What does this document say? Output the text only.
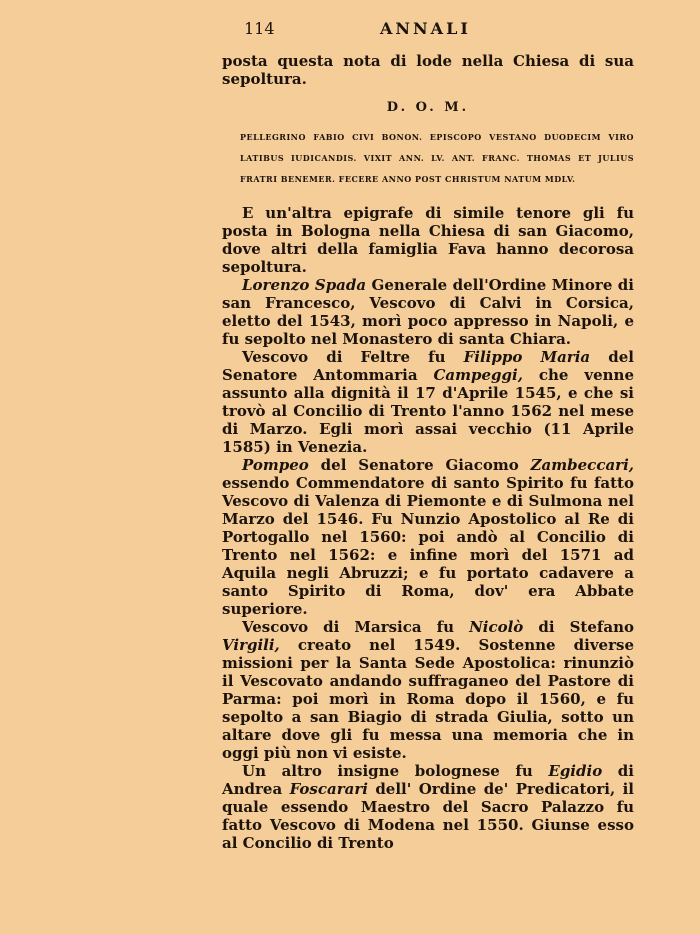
114	ANNALI

posta questa nota di lode nella Chiesa di sua sepoltura.

D. O. M.

PELLEGRINO FABIO CIVI BONON. EPISCOPO VESTANO DUODECIM VIRO LATIBUS IUDICANDIS. VIXIT ANN. LV. ANT. FRANC. THOMAS ET JULIUS FRATRI BENEMER. FECERE ANNO POST CHRISTUM NATUM MDLV.

E un'altra epigrafe di simile tenore gli fu posta in Bologna nella Chiesa di san Giacomo, dove altri della famiglia Fava hanno decorosa sepoltura.

Lorenzo Spada Generale dell'Ordine Minore di san Francesco, Vescovo di Calvi in Corsica, eletto del 1543, morì poco appresso in Napoli, e fu sepolto nel Monastero di santa Chiara.

Vescovo di Feltre fu Filippo Maria del Senatore Antommaria Campeggi, che venne assunto alla dignità il 17 d'Aprile 1545, e che si trovò al Concilio di Trento l'anno 1562 nel mese di Marzo. Egli morì assai vecchio (11 Aprile 1585) in Venezia.

Pompeo del Senatore Giacomo Zambeccari, essendo Commendatore di santo Spirito fu fatto Vescovo di Valenza di Piemonte e di Sulmona nel Marzo del 1546. Fu Nunzio Apostolico al Re di Portogallo nel 1560: poi andò al Concilio di Trento nel 1562: e infine morì del 1571 ad Aquila negli Abruzzi; e fu portato cadavere a santo Spirito di Roma, dov' era Abbate superiore.

Vescovo di Marsica fu Nicolò di Stefano Virgili, creato nel 1549. Sostenne diverse missioni per la Santa Sede Apostolica: rinunziò il Vescovato andando suffraganeo del Pastore di Parma: poi morì in Roma dopo il 1560, e fu sepolto a san Biagio di strada Giulia, sotto un altare dove gli fu messa una memoria che in oggi più non vi esiste.

Un altro insigne bolognese fu Egidio di Andrea Foscarari dell' Ordine de' Predicatori, il quale essendo Maestro del Sacro Palazzo fu fatto Vescovo di Modena nel 1550. Giunse esso al Concilio di Trento
